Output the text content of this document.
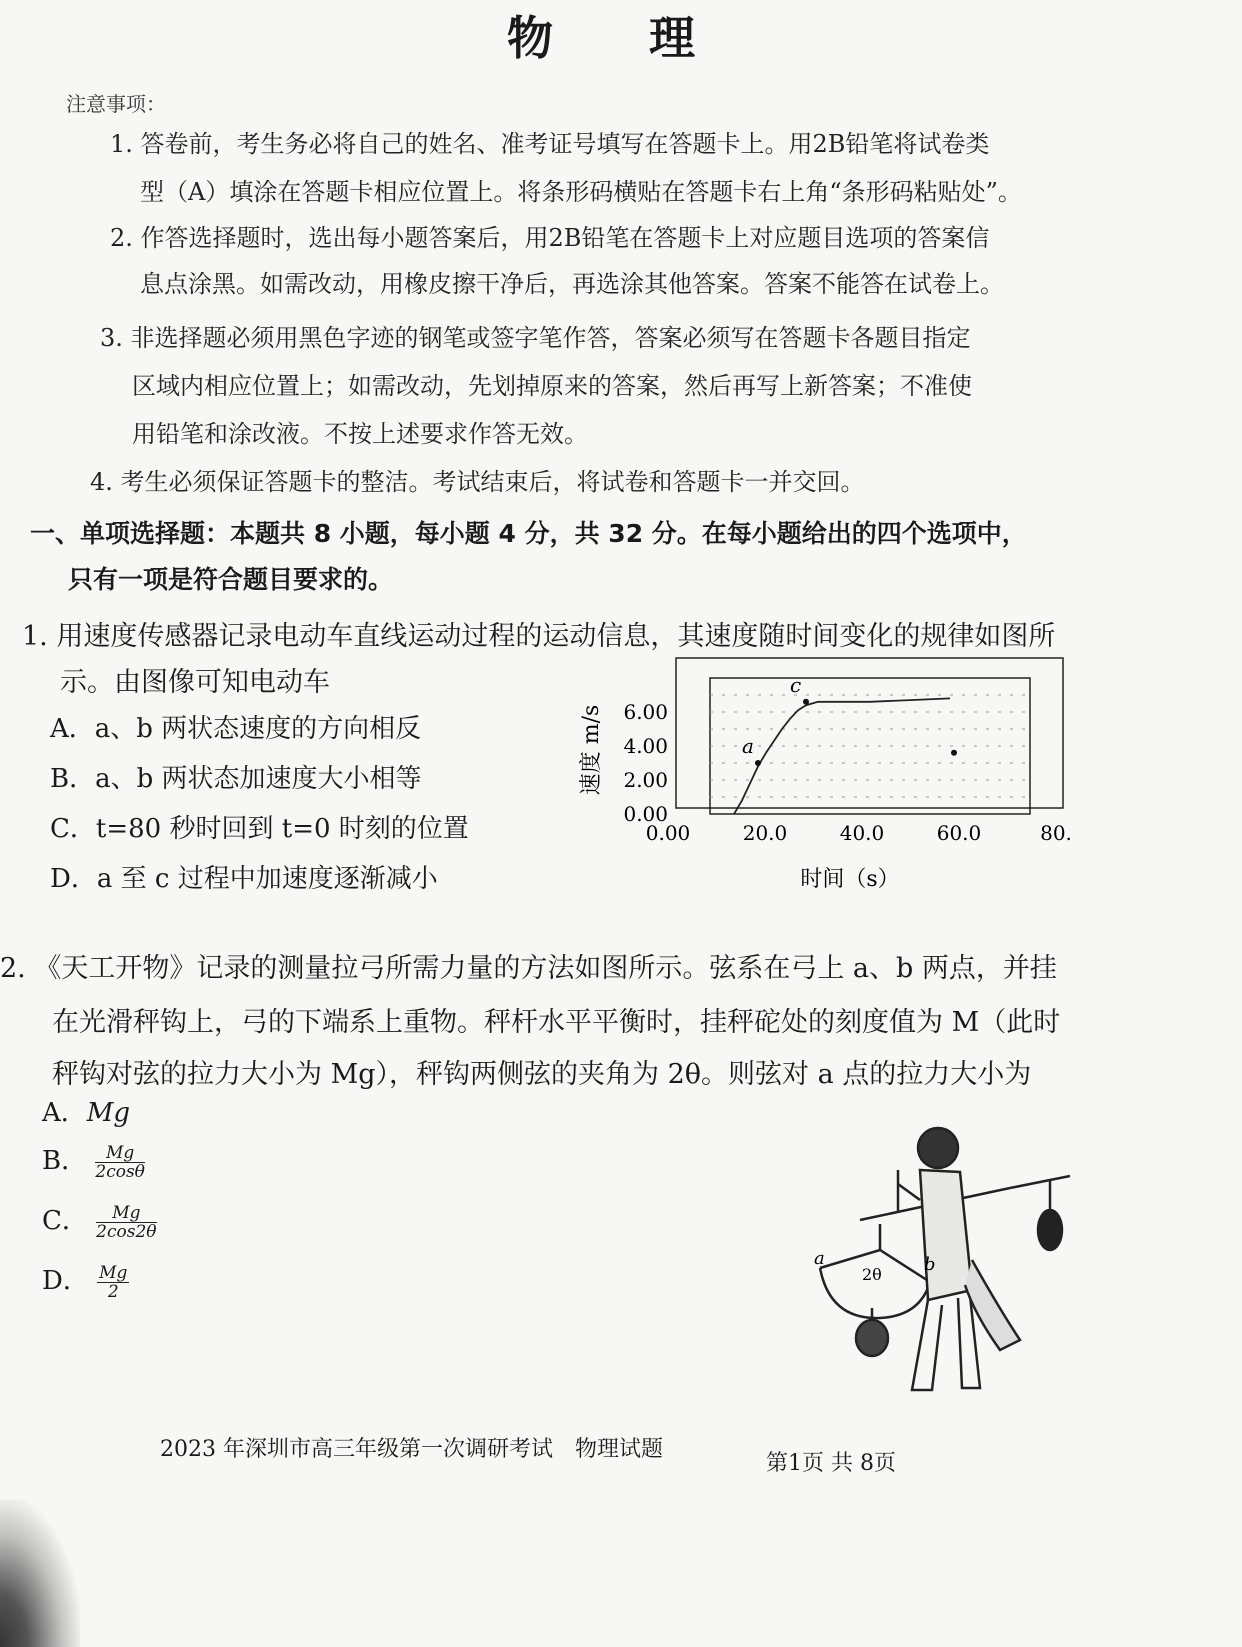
物 理
注意事项：
1. 答卷前，考生务必将自己的姓名、准考证号填写在答题卡上。用2B铅笔将试卷类
型（A）填涂在答题卡相应位置上。将条形码横贴在答题卡右上角“条形码粘贴处”。
2. 作答选择题时，选出每小题答案后，用2B铅笔在答题卡上对应题目选项的答案信
息点涂黑。如需改动，用橡皮擦干净后，再选涂其他答案。答案不能答在试卷上。
3. 非选择题必须用黑色字迹的钢笔或签字笔作答，答案必须写在答题卡各题目指定
区域内相应位置上；如需改动，先划掉原来的答案，然后再写上新答案；不准使
用铅笔和涂改液。不按上述要求作答无效。
4. 考生必须保证答题卡的整洁。考试结束后，将试卷和答题卡一并交回。
一、单项选择题：本题共 8 小题，每小题 4 分，共 32 分。在每小题给出的四个选项中，
只有一项是符合题目要求的。
1. 用速度传感器记录电动车直线运动过程的运动信息，其速度随时间变化的规律如图所
示。由图像可知电动车
A．a、b 两状态速度的方向相反
B．a、b 两状态加速度大小相等
C．t=80 秒时回到 t=0 时刻的位置
D．a 至 c 过程中加速度逐渐减小
a
c
0.00
2.00
4.00
6.00
0.00	20.0	40.0	60.0	80.
速度 m/s
时间（s）
2. 《天工开物》记录的测量拉弓所需力量的方法如图所示。弦系在弓上 a、b 两点，并挂
在光滑秤钩上，弓的下端系上重物。秤杆水平平衡时，挂秤砣处的刻度值为 M（此时
秤钩对弦的拉力大小为 Mg），秤钩两侧弦的夹角为 2θ。则弦对 a 点的拉力大小为
A．Mg
B． $\frac{Mg}{2\cos\theta}$
C． $\frac{Mg}{2\cos 2\theta}$
D． $\frac{Mg}{2}$
a	b
2θ
2023 年深圳市高三年级第一次调研考试　物理试题
第1页 共 8页
